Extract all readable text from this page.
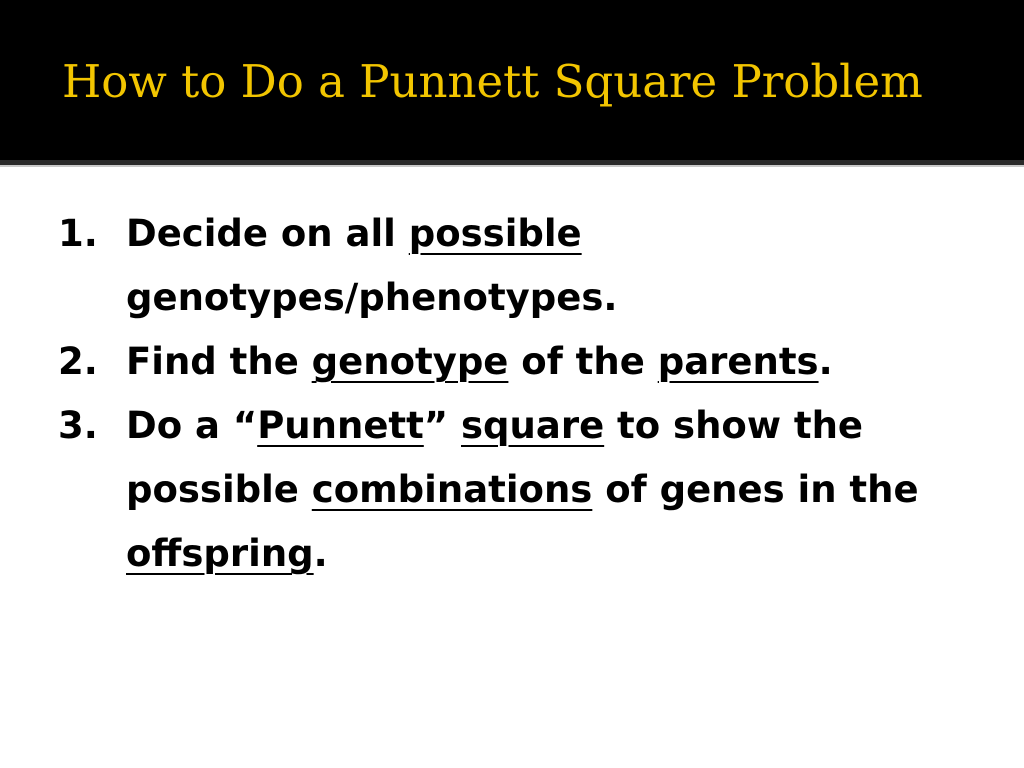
How to Do a Punnett Square Problem
1. Decide on all possible genotypes/phenotypes.
2. Find the genotype of the parents.
3. Do a “Punnett” square to show the possible combinations of genes in the offspring.
